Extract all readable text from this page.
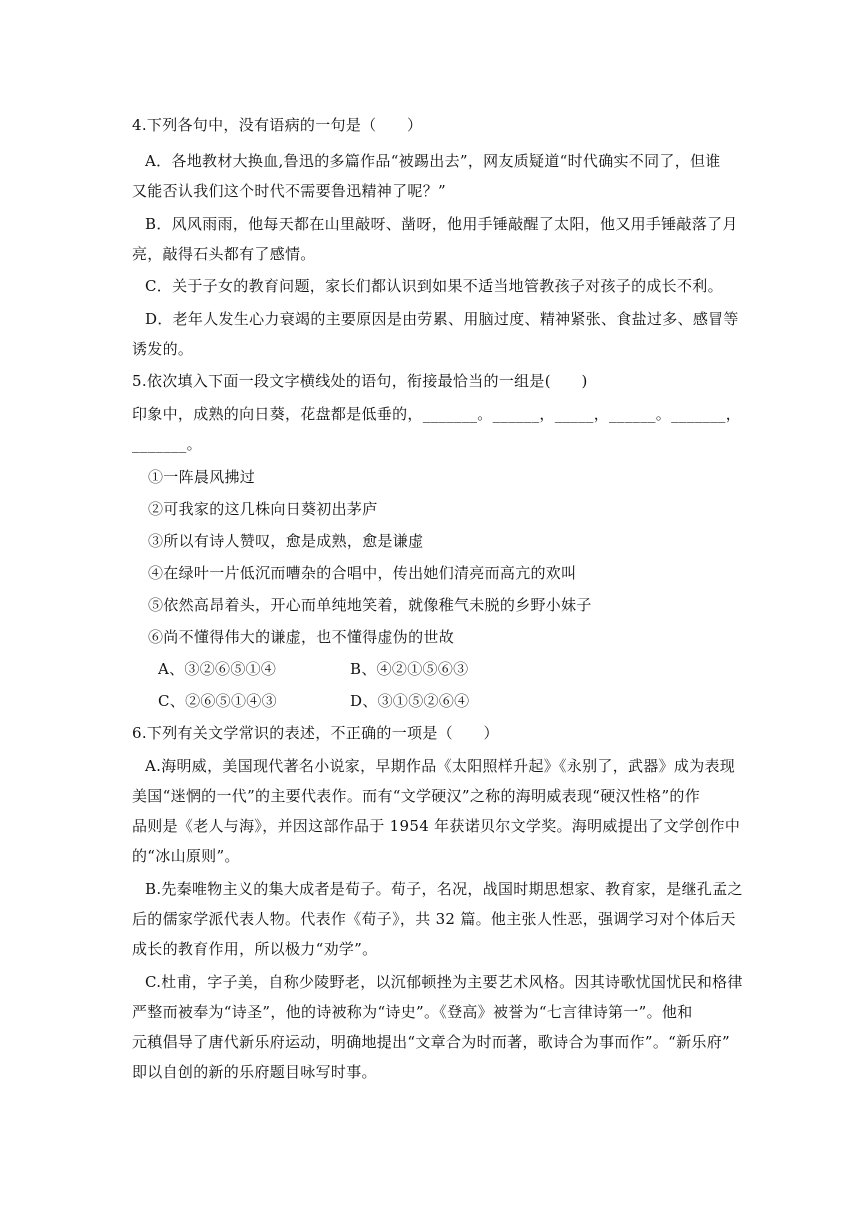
4.下列各句中，没有语病的一句是（　　）
A．各地教材大换血,鲁迅的多篇作品“被踢出去”，网友质疑道“时代确实不同了，但谁
又能否认我们这个时代不需要鲁迅精神了呢？”
B．风风雨雨，他每天都在山里敲呀、凿呀，他用手锤敲醒了太阳，他又用手锤敲落了月
亮，敲得石头都有了感情。
C．关于子女的教育问题，家长们都认识到如果不适当地管教孩子对孩子的成长不利。
D．老年人发生心力衰竭的主要原因是由劳累、用脑过度、精神紧张、食盐过多、感冒等
诱发的。
5.依次填入下面一段文字横线处的语句，衔接最恰当的一组是(　　)
印象中，成熟的向日葵，花盘都是低垂的，_______。______，_____，______。_______，
_______。
①一阵晨风拂过
②可我家的这几株向日葵初出茅庐
③所以有诗人赞叹，愈是成熟，愈是谦虚
④在绿叶一片低沉而嘈杂的合唱中，传出她们清亮而高亢的欢叫
⑤依然高昂着头，开心而单纯地笑着，就像稚气未脱的乡野小妹子
⑥尚不懂得伟大的谦虚，也不懂得虚伪的世故
A、③②⑥⑤①④	B、④②①⑤⑥③
C、②⑥⑤①④③	D、③①⑤②⑥④
6.下列有关文学常识的表述，不正确的一项是（　　）
A.海明威，美国现代著名小说家，早期作品《太阳照样升起》《永别了，武器》成为表现
美国“迷惘的一代”的主要代表作。而有“文学硬汉”之称的海明威表现“硬汉性格”的作
品则是《老人与海》，并因这部作品于 1954 年获诺贝尔文学奖。海明威提出了文学创作中
的“冰山原则”。
B.先秦唯物主义的集大成者是荀子。荀子，名况，战国时期思想家、教育家，是继孔孟之
后的儒家学派代表人物。代表作《荀子》，共 32 篇。他主张人性恶，强调学习对个体后天
成长的教育作用，所以极力“劝学”。
C.杜甫，字子美，自称少陵野老，以沉郁顿挫为主要艺术风格。因其诗歌忧国忧民和格律
严整而被奉为“诗圣”，他的诗被称为“诗史”。《登高》被誉为“七言律诗第一”。他和
元稹倡导了唐代新乐府运动，明确地提出“文章合为时而著，歌诗合为事而作”。“新乐府”
即以自创的新的乐府题目咏写时事。
